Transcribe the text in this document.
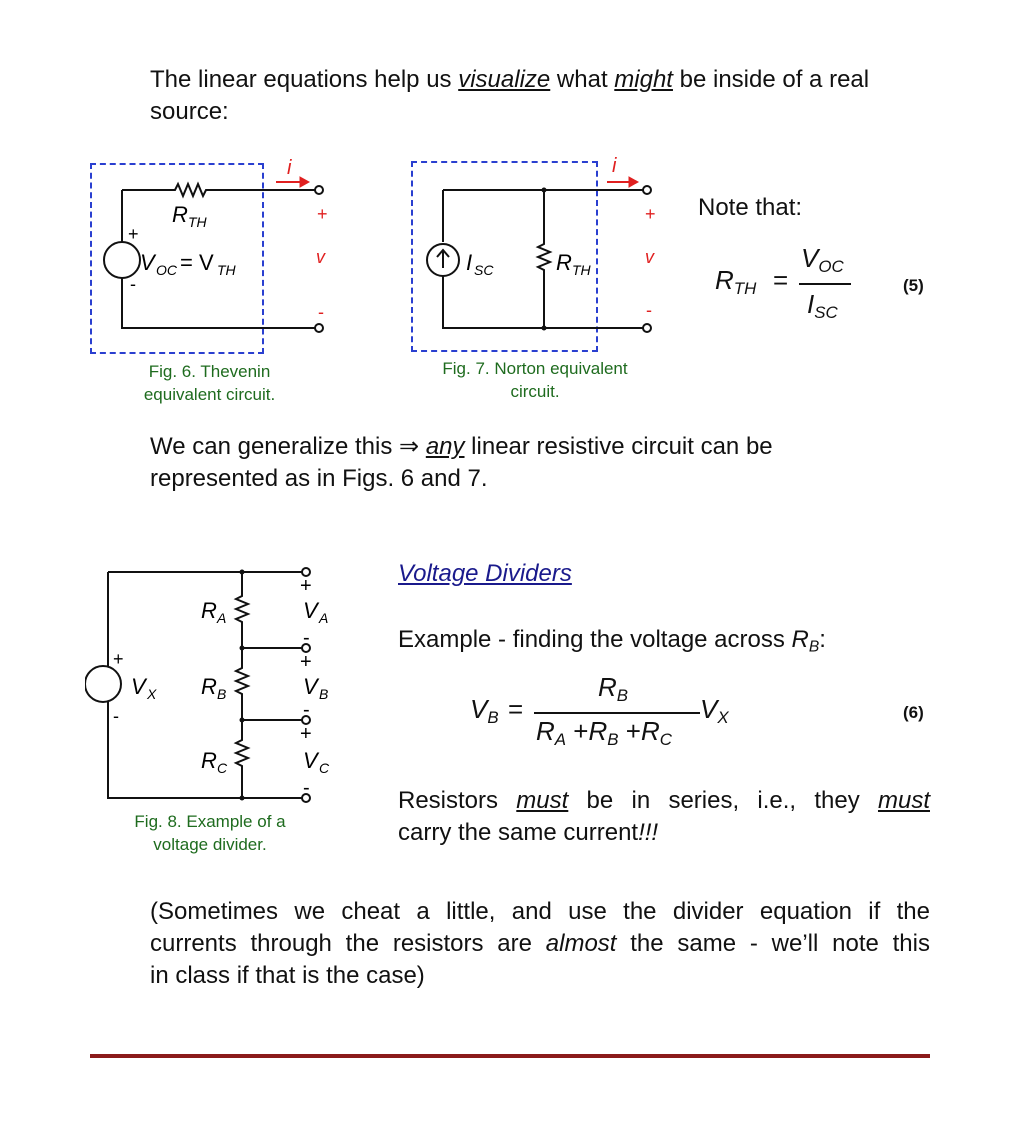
The linear equations help us visualize what might be inside of a real
source:
i
+
v
-
R TH
+
-
V OC = V TH
Fig. 6. Thevenin
equivalent circuit.
i
+
v
-
I SC	R TH
Fig. 7. Norton equivalent
circuit.
Note that:
$R_{TH}$ =
$V_{OC}$
$I_{SC}$
(5)
We can generalize this ⇒ any linear resistive circuit can be
represented as in Figs. 6 and 7.
+
-
V X
R A
R B
R C
+
-
+
-
+
-
V A
V B
V C
Fig. 8. Example of a
voltage divider.
Voltage Dividers
Example - finding the voltage across $R_B$:
$V_B$ =
$R_B$
$R_A +R_B +R_C$
$V_X$	(6)
Resistors must be in series, i.e., they must
carry the same current!!!
(Sometimes we cheat a little, and use the divider equation if the
currents through the resistors are almost the same - we’ll note this
in class if that is the case)
